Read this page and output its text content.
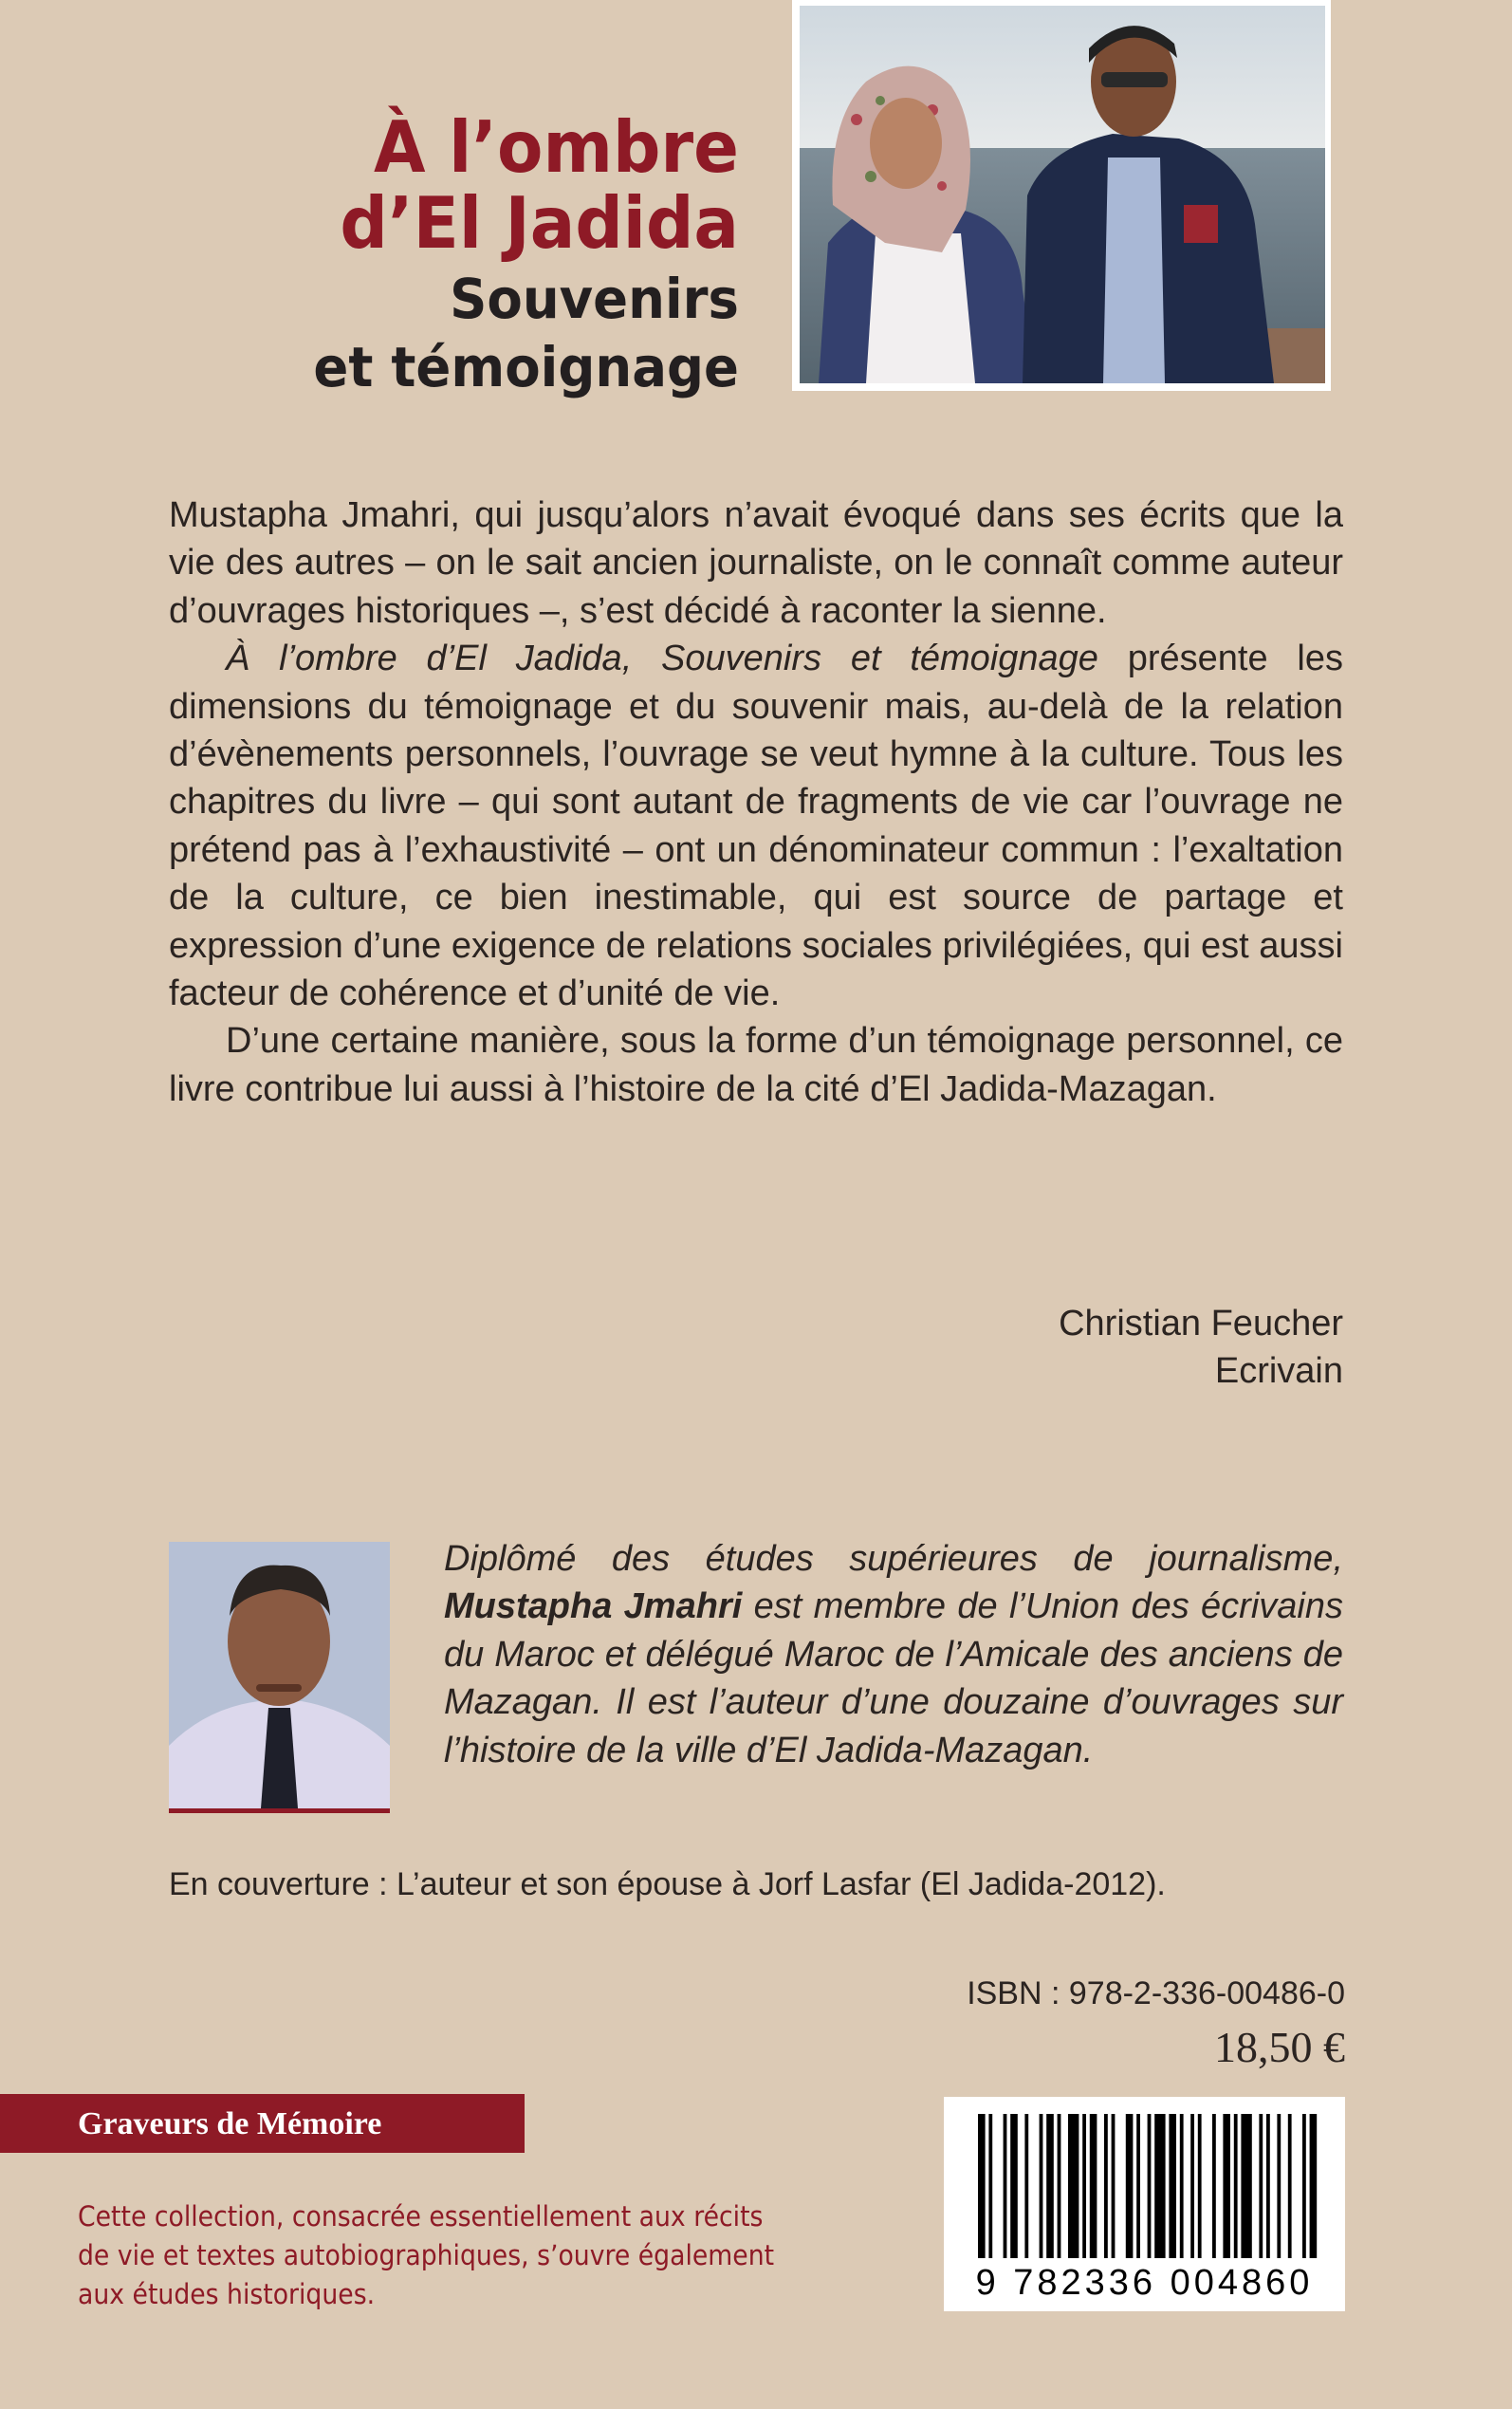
À l’ombre
d’El Jadida
Souvenirs
et témoignage

Mustapha Jmahri, qui jusqu’alors n’avait évoqué dans ses écrits que la vie des autres – on le sait ancien journaliste, on le connaît comme auteur d’ouvrages historiques –, s’est décidé à raconter la sienne.

À l’ombre d’El Jadida, Souvenirs et témoignage présente les dimensions du témoignage et du souvenir mais, au-delà de la relation d’évènements personnels, l’ouvrage se veut hymne à la culture. Tous les chapitres du livre – qui sont autant de fragments de vie car l’ouvrage ne prétend pas à l’exhaustivité – ont un dénominateur commun : l’exaltation de la culture, ce bien inestimable, qui est source de partage et expression d’une exigence de relations sociales privilégiées, qui est aussi facteur de cohérence et d’unité de vie.

D’une certaine manière, sous la forme d’un témoignage personnel, ce livre contribue lui aussi à l’histoire de la cité d’El Jadida-Mazagan.

Christian Feucher
Ecrivain
Diplômé des études supérieures de journalisme, Mustapha Jmahri est membre de l’Union des écrivains du Maroc et délégué Maroc de l’Amicale des anciens de Mazagan. Il est l’auteur d’une douzaine d’ouvrages sur l’histoire de la ville d’El Jadida-Mazagan.
En couverture : L’auteur et son épouse à Jorf Lasfar (El Jadida-2012).
ISBN : 978-2-336-00486-0
18,50 €
Graveurs de Mémoire
Cette collection, consacrée essentiellement aux récits
de vie et textes autobiographiques, s’ouvre également
aux études historiques.	9 782336 004860
